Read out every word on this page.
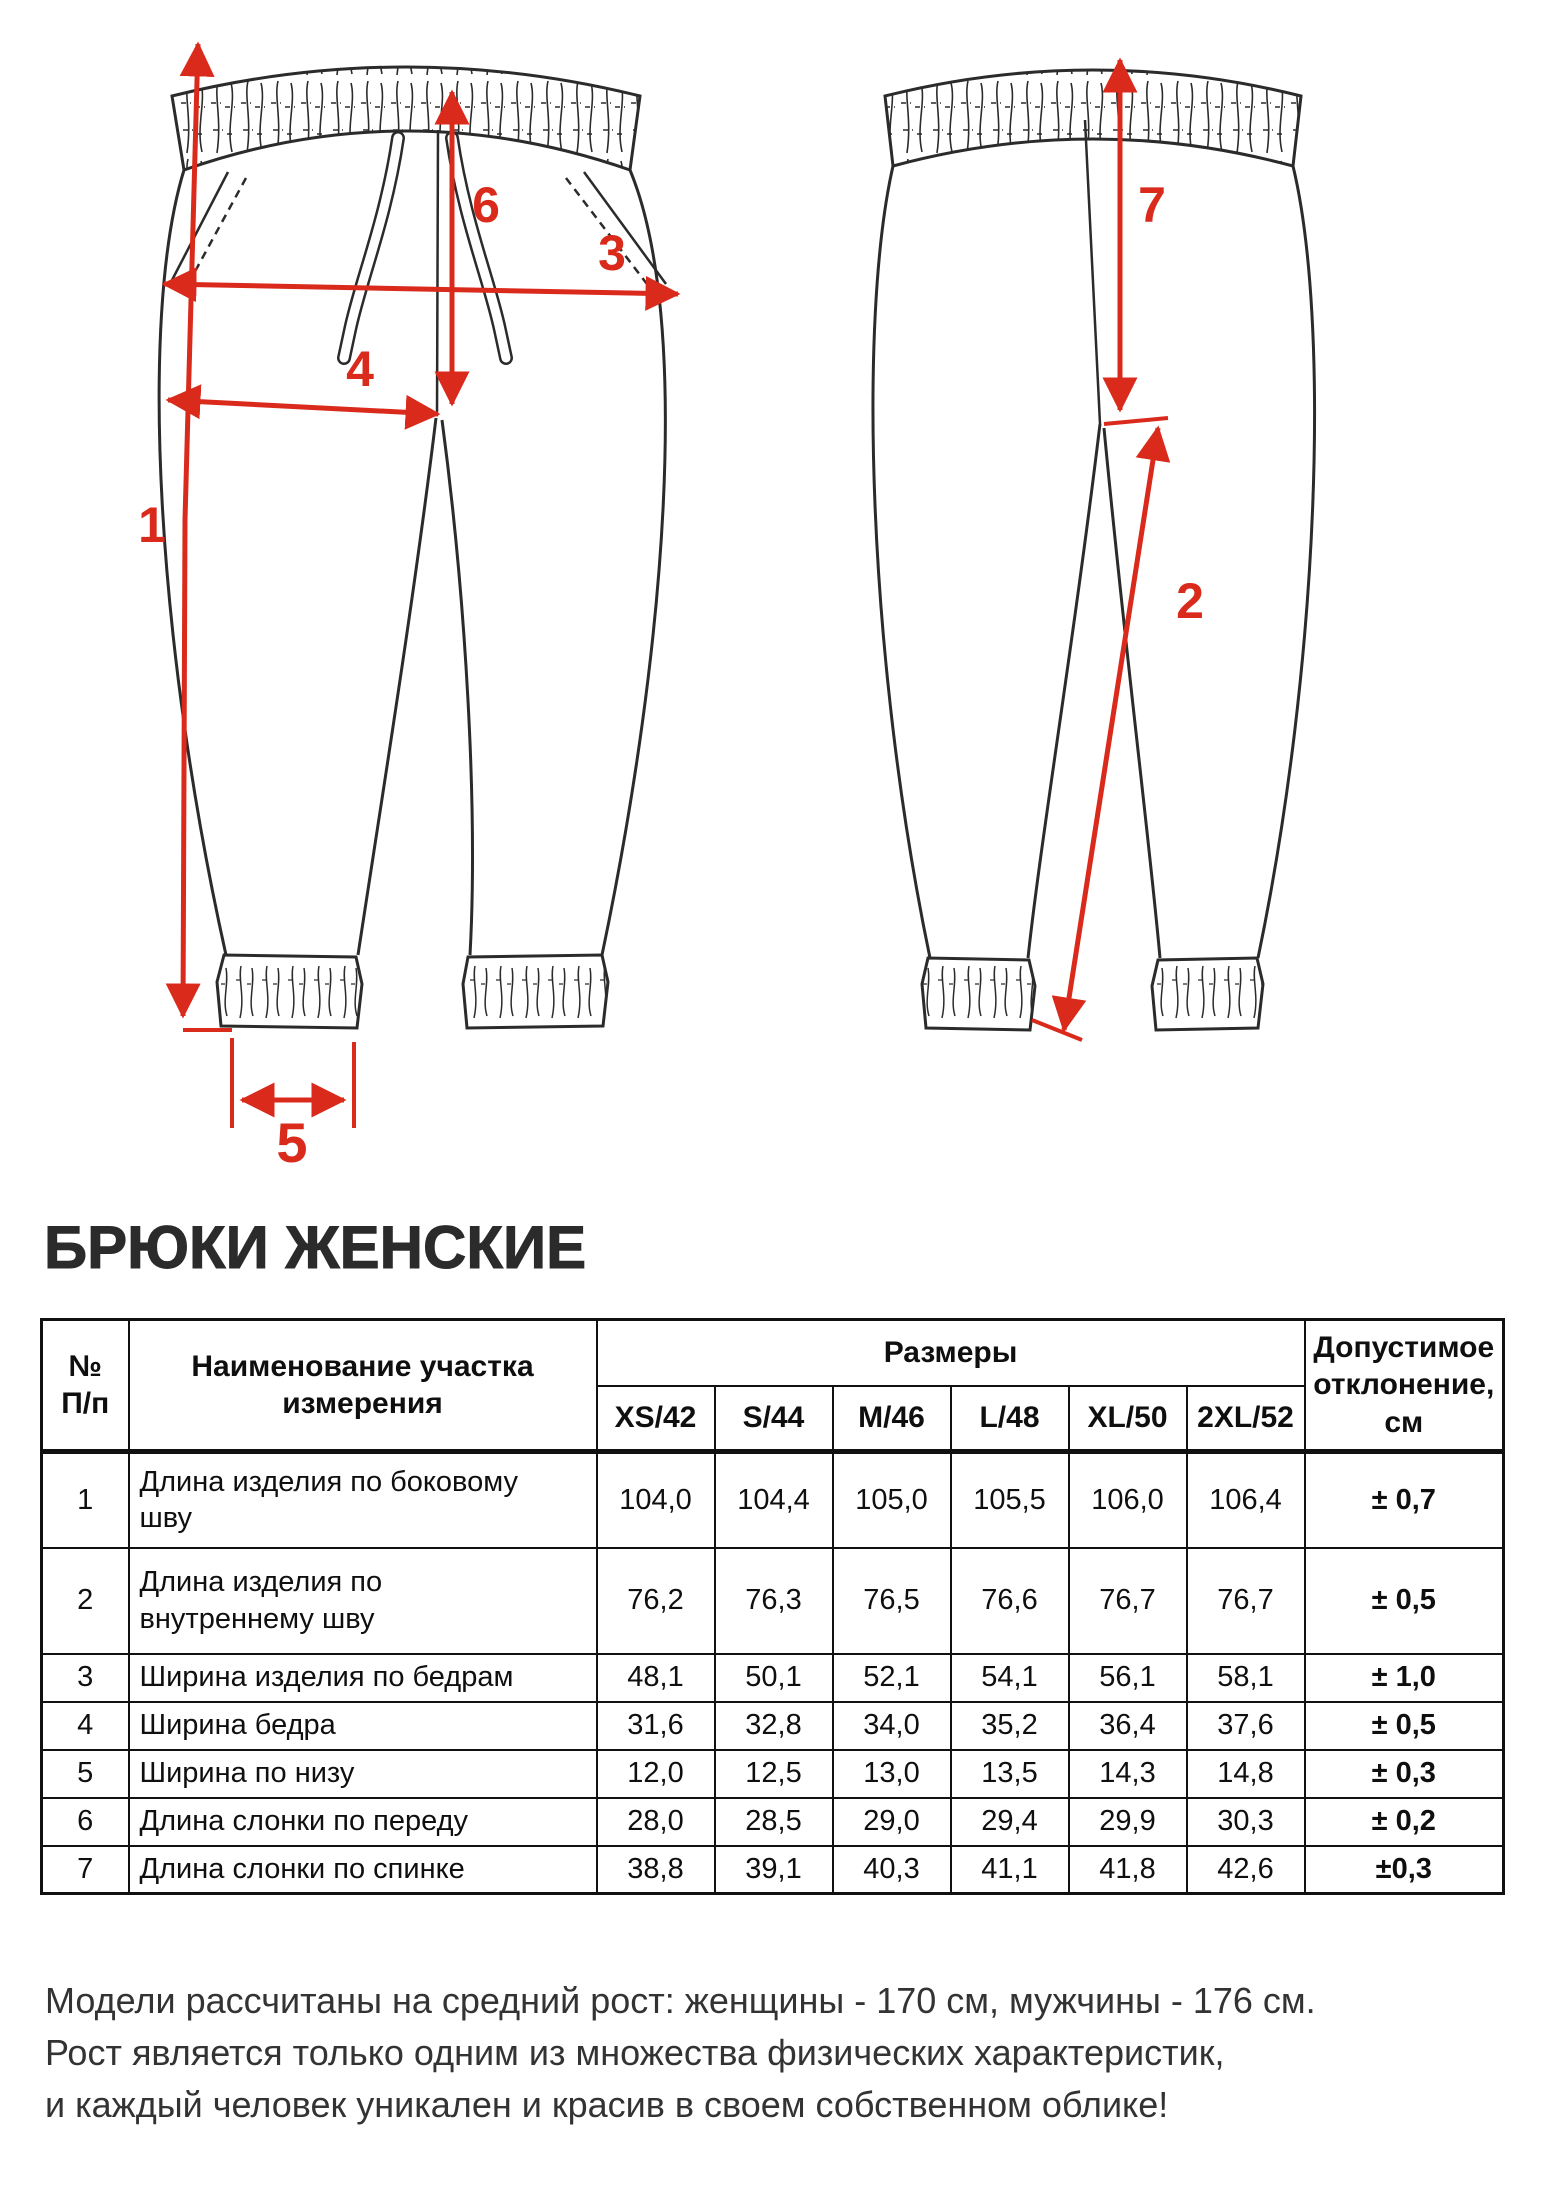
1
6
3
4
5
7
2
БРЮКИ ЖЕНСКИЕ
№
П/п	Наименование участка
измерения	Размеры						Допустимое
отклонение, см

		XS/42	S/44	M/46	L/48	XL/50	2XL/52	
1	Длина изделия по боковому шву	104,0	104,4	105,0	105,5	106,0	106,4	± 0,7
2	Длина изделия по внутреннему шву	76,2	76,3	76,5	76,6	76,7	76,7	± 0,5
3	Ширина изделия по бедрам	48,1	50,1	52,1	54,1	56,1	58,1	± 1,0
4	Ширина бедра	31,6	32,8	34,0	35,2	36,4	37,6	± 0,5
5	Ширина по низу	12,0	12,5	13,0	13,5	14,3	14,8	± 0,3
6	Длина слонки по переду	28,0	28,5	29,0	29,4	29,9	30,3	± 0,2
7	Длина слонки по спинке	38,8	39,1	40,3	41,1	41,8	42,6	±0,3

Модели рассчитаны на средний рост: женщины - 170 см, мужчины - 176 см.

Рост является только одним из множества физических характеристик,

и каждый человек уникален и красив в своем собственном облике!
